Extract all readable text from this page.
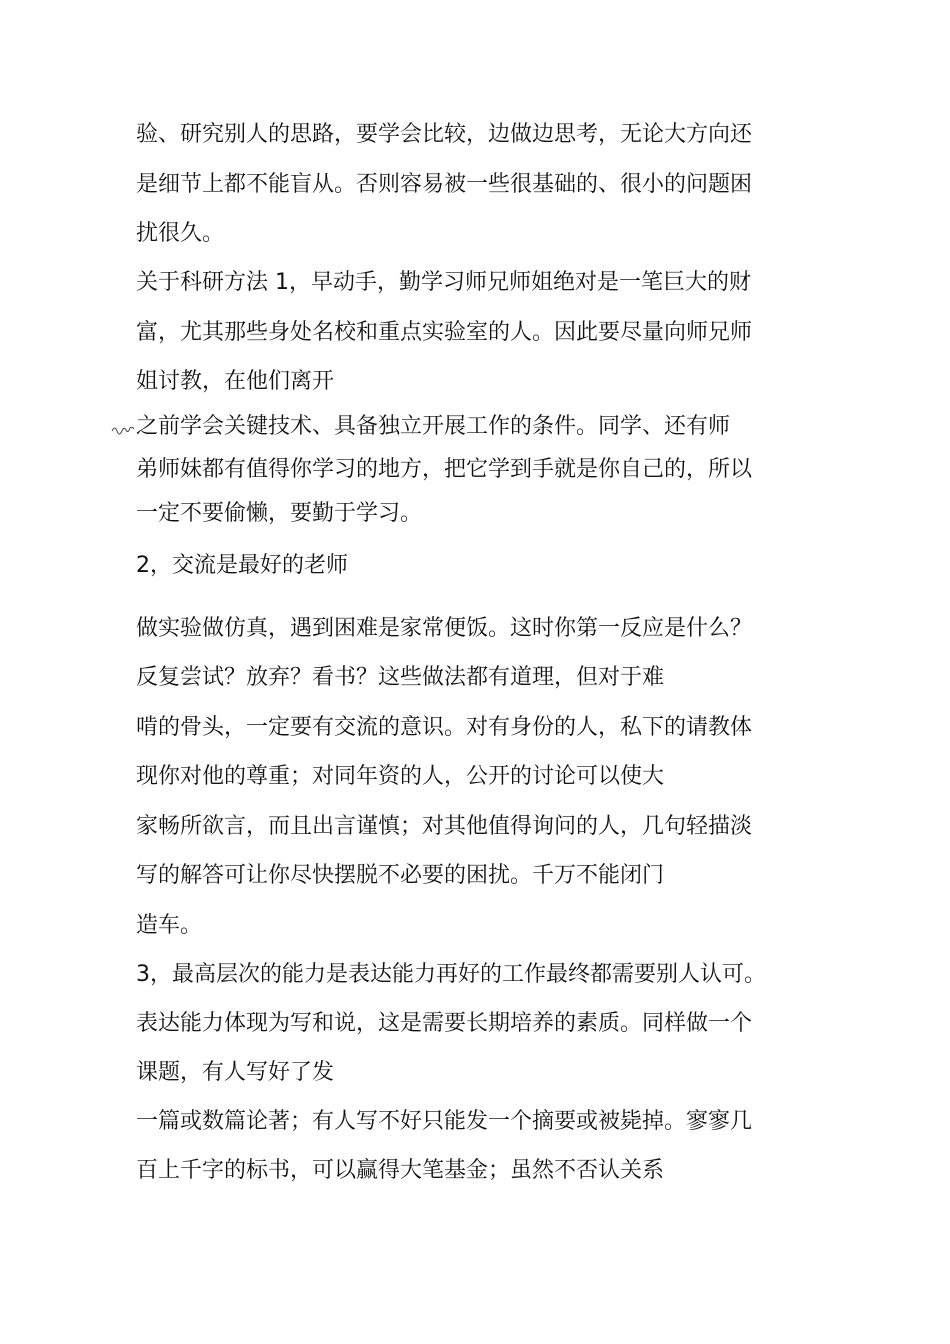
验、研究别人的思路，要学会比较，边做边思考，无论大方向还

是细节上都不能盲从。否则容易被一些很基础的、很小的问题困

扰很久。

关于科研方法 1，早动手，勤学习师兄师姐绝对是一笔巨大的财

富，尤其那些身处名校和重点实验室的人。因此要尽量向师兄师

姐讨教，在他们离开

之前学会关键技术、具备独立开展工作的条件。同学、还有师

弟师妹都有值得你学习的地方，把它学到手就是你自己的，所以

一定不要偷懒，要勤于学习。

2，交流是最好的老师

做实验做仿真，遇到困难是家常便饭。这时你第一反应是什么？

反复尝试？放弃？看书？这些做法都有道理，但对于难

啃的骨头，一定要有交流的意识。对有身份的人，私下的请教体

现你对他的尊重；对同年资的人，公开的讨论可以使大

家畅所欲言，而且出言谨慎；对其他值得询问的人，几句轻描淡

写的解答可让你尽快摆脱不必要的困扰。千万不能闭门

造车。

3，最高层次的能力是表达能力再好的工作最终都需要别人认可。

表达能力体现为写和说，这是需要长期培养的素质。同样做一个

课题，有人写好了发

一篇或数篇论著；有人写不好只能发一个摘要或被毙掉。寥寥几

百上千字的标书，可以赢得大笔基金；虽然不否认关系
